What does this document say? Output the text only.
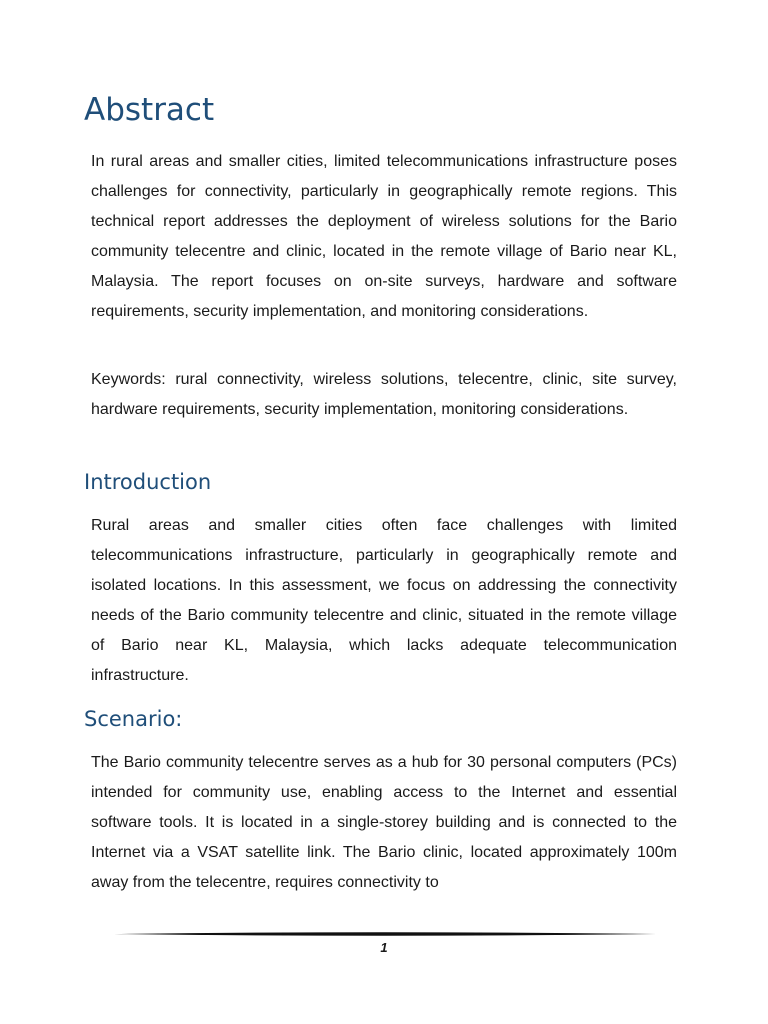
Abstract

In rural areas and smaller cities, limited telecommunications infrastructure poses challenges for connectivity, particularly in geographically remote regions. This technical report addresses the deployment of wireless solutions for the Bario community telecentre and clinic, located in the remote village of Bario near KL, Malaysia. The report focuses on on-site surveys, hardware and software requirements, security implementation, and monitoring considerations.

Keywords: rural connectivity, wireless solutions, telecentre, clinic, site survey, hardware requirements, security implementation, monitoring considerations.

Introduction

Rural areas and smaller cities often face challenges with limited telecommunications infrastructure, particularly in geographically remote and isolated locations. In this assessment, we focus on addressing the connectivity needs of the Bario community telecentre and clinic, situated in the remote village of Bario near KL, Malaysia, which lacks adequate telecommunication infrastructure.

Scenario:

The Bario community telecentre serves as a hub for 30 personal computers (PCs) intended for community use, enabling access to the Internet and essential software tools. It is located in a single-storey building and is connected to the Internet via a VSAT satellite link. The Bario clinic, located approximately 100m away from the telecentre, requires connectivity to

1
